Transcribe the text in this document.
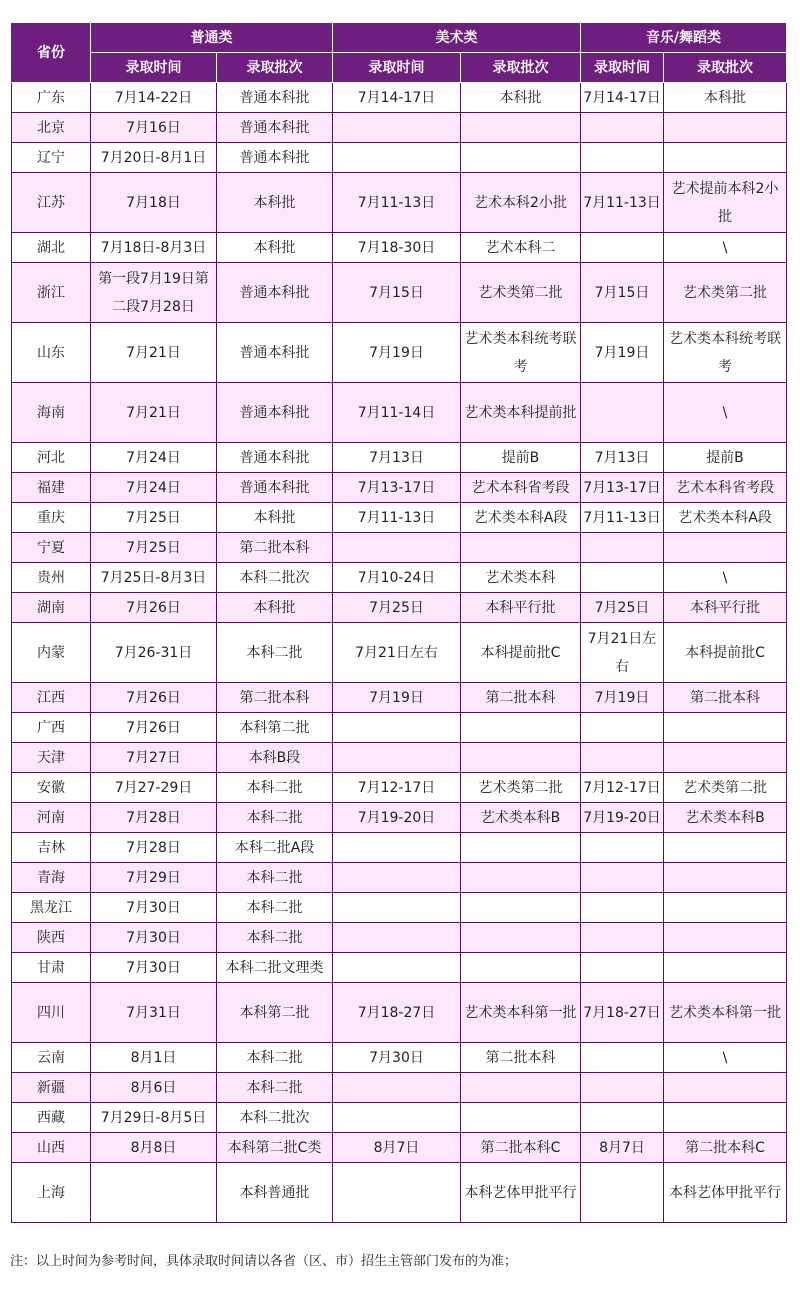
省份	普通类		美术类		音乐/舞蹈类	
	录取时间	录取批次	录取时间	录取批次	录取时间	录取批次
广东	7月14-22日	普通本科批	7月14-17日	本科批	7月14-17日	本科批
北京	7月16日	普通本科批				
辽宁	7月20日-8月1日	普通本科批				
江苏	7月18日	本科批	7月11-13日	艺术本科2小批	7月11-13日	艺术提前本科2小批
湖北	7月18日-8月3日	本科批	7月18-30日	艺术本科二		\
浙江	第一段7月19日第二段7月28日	普通本科批	7月15日	艺术类第二批	7月15日	艺术类第二批
山东	7月21日	普通本科批	7月19日	艺术类本科统考联考	7月19日	艺术类本科统考联考
海南	7月21日	普通本科批	7月11-14日	艺术类本科提前批		\
河北	7月24日	普通本科批	7月13日	提前B	7月13日	提前B
福建	7月24日	普通本科批	7月13-17日	艺术本科省考段	7月13-17日	艺术本科省考段
重庆	7月25日	本科批	7月11-13日	艺术类本科A段	7月11-13日	艺术类本科A段
宁夏	7月25日	第二批本科				
贵州	7月25日-8月3日	本科二批次	7月10-24日	艺术类本科		\
湖南	7月26日	本科批	7月25日	本科平行批	7月25日	本科平行批
内蒙	7月26-31日	本科二批	7月21日左右	本科提前批C	7月21日左右	本科提前批C
江西	7月26日	第二批本科	7月19日	第二批本科	7月19日	第二批本科
广西	7月26日	本科第二批				
天津	7月27日	本科B段				
安徽	7月27-29日	本科二批	7月12-17日	艺术类第二批	7月12-17日	艺术类第二批
河南	7月28日	本科二批	7月19-20日	艺术类本科B	7月19-20日	艺术类本科B
吉林	7月28日	本科二批A段				
青海	7月29日	本科二批				
黑龙江	7月30日	本科二批				
陕西	7月30日	本科二批				
甘肃	7月30日	本科二批文理类				
四川	7月31日	本科第二批	7月18-27日	艺术类本科第一批	7月18-27日	艺术类本科第一批
云南	8月1日	本科二批	7月30日	第二批本科		\
新疆	8月6日	本科二批				
西藏	7月29日-8月5日	本科二批次				
山西	8月8日	本科第二批C类	8月7日	第二批本科C	8月7日	第二批本科C
上海		本科普通批		本科艺体甲批平行		本科艺体甲批平行
注：以上时间为参考时间，具体录取时间请以各省（区、市）招生主管部门发布的为准；
